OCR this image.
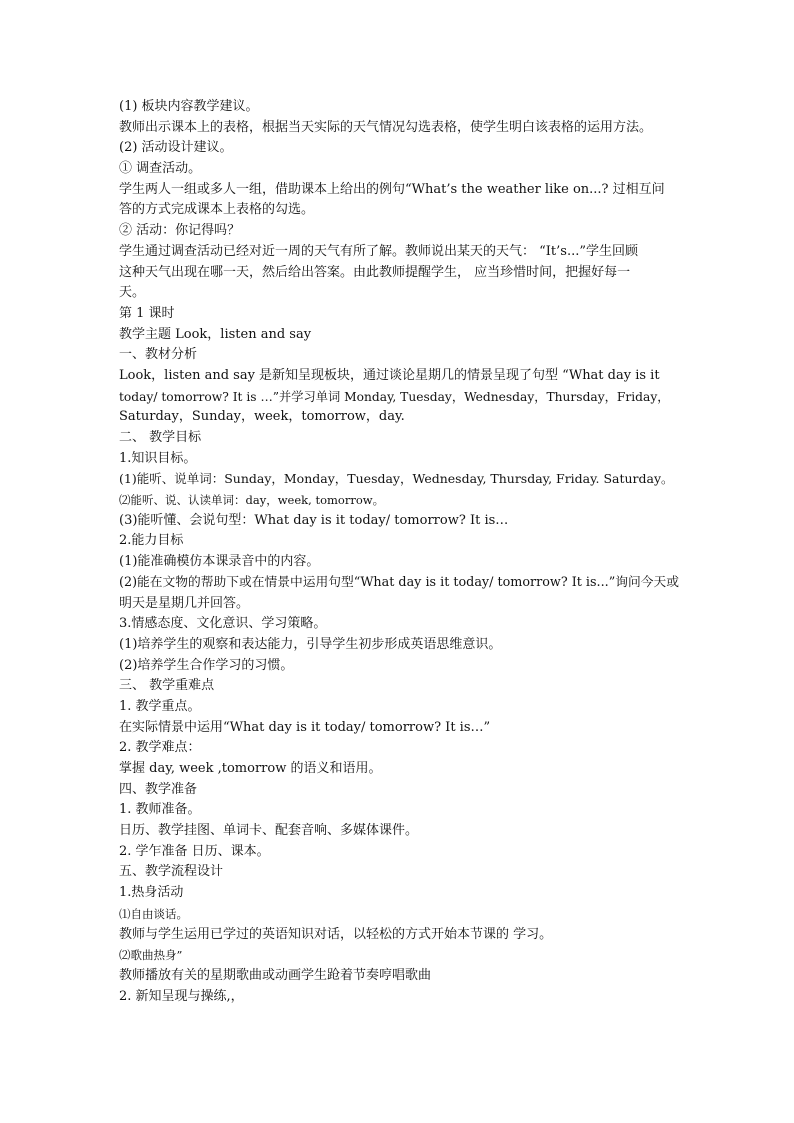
(1) 板块内容教学建议。
教师出示课本上的表格，根据当天实际的天气情况勾选表格，使学生明白该表格的运用方法。
(2) 活动设计建议。
① 调查活动。
学生两人一组或多人一组，借助课本上给出的例句“What’s the weather like on...? 过相互问
答的方式完成课本上表格的勾选。
② 活动：你记得吗？
学生通过调查活动已经对近一周的天气有所了解。教师说出某天的天气： “It’s...”学生回顾
这种天气出现在哪一天，然后给出答案。由此教师提醒学生， 应当珍惜时间，把握好每一
天。
第 1 课时
教学主题 Look，listen and say
一、教材分析
Look，listen and say 是新知呈现板块，通过谈论星期几的情景呈现了句型 “What day is it
today/ tomorrow? It is …”并学习单词 Monday, Tuesday，Wednesday，Thursday，Friday，
Saturday，Sunday，week，tomorrow，day.
二、 教学目标
1.知识目标。
(1)能听、说单词：Sunday，Monday，Tuesday，Wednesday, Thursday, Friday. Saturday。
⑵能听、说、认读单词：day，week, tomorrow。
(3)能听懂、会说句型：What day is it today/ tomorrow? It is…
2.能力目标
(1)能准确模仿本课录音中的内容。
(2)能在文物的帮助下或在情景中运用句型“What day is it today/ tomorrow? It is...”询问今天或
明天是星期几并回答。
3.情感态度、文化意识、学习策略。
(1)培养学生的观察和表达能力，引导学生初步形成英语思维意识。
(2)培养学生合作学习的习惯。
三、 教学重难点
1. 教学重点。
在实际情景中运用“What day is it today/ tomorrow? It is…”
2. 教学难点：
掌握 day, week ,tomorrow 的语义和语用。
四、教学准备
1. 教师准备。
日历、教学挂图、单词卡、配套音响、多媒体课件。
2. 学乍准备 日历、课本。
五、教学流程设计
1.热身活动
⑴自由谈话。
教师与学生运用已学过的英语知识对话，以轻松的方式开始本节课的 学习。
⑵歌曲热身”
教师播放有关的星期歌曲或动画学生跄着节奏哼唱歌曲
2. 新知呈现与操练,，
